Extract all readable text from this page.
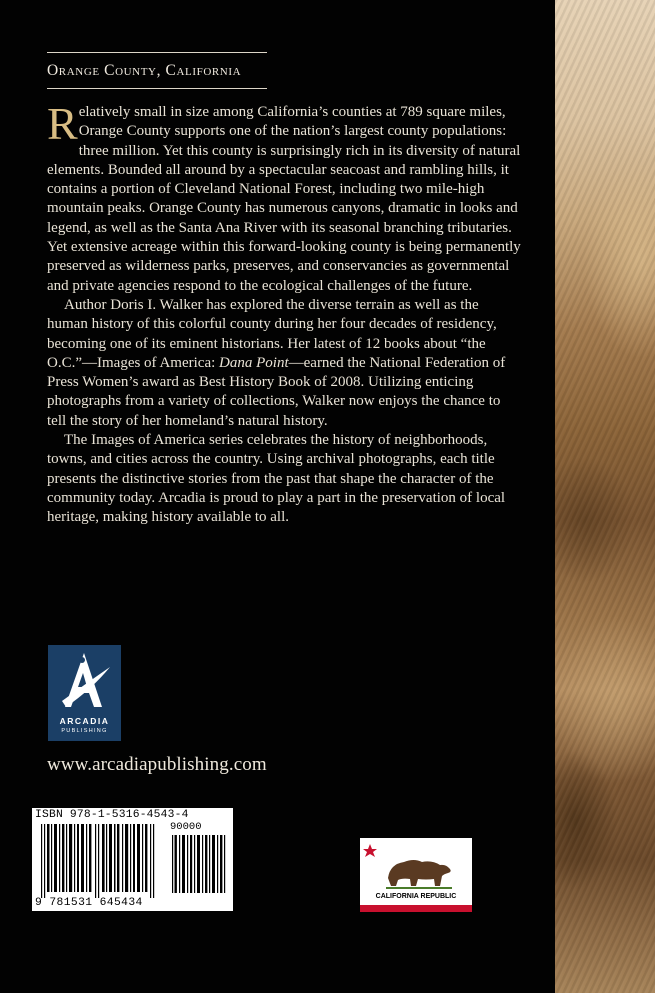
Orange County, California

Relatively small in size among California’s counties at 789 square miles, Orange County supports one of the nation’s largest county populations: three million. Yet this county is surprisingly rich in its diversity of natural elements. Bounded all around by a spectacular seacoast and rambling hills, it contains a portion of Cleveland National Forest, including two mile-high mountain peaks. Orange County has numerous canyons, dramatic in looks and legend, as well as the Santa Ana River with its seasonal branching tributaries. Yet extensive acreage within this forward-looking county is being permanently preserved as wilderness parks, preserves, and conservancies as governmental and private agencies respond to the ecological challenges of the future.

Author Doris I. Walker has explored the diverse terrain as well as the human history of this colorful county during her four decades of residency, becoming one of its eminent historians. Her latest of 12 books about “the O.C.”—Images of America: Dana Point—earned the National Federation of Press Women’s award as Best History Book of 2008. Utilizing enticing photographs from a variety of collections, Walker now enjoys the chance to tell the story of her homeland’s natural history.

The Images of America series celebrates the history of neighborhoods, towns, and cities across the country. Using archival photographs, each title presents the distinctive stories from the past that shape the character of the community today. Arcadia is proud to play a part in the preservation of local heritage, making history available to all.

ARCADIA
PUBLISHING
www.arcadiapublishing.com
ISBN 978-1-5316-4543-4
90000
9 781531 645434
CALIFORNIA REPUBLIC
